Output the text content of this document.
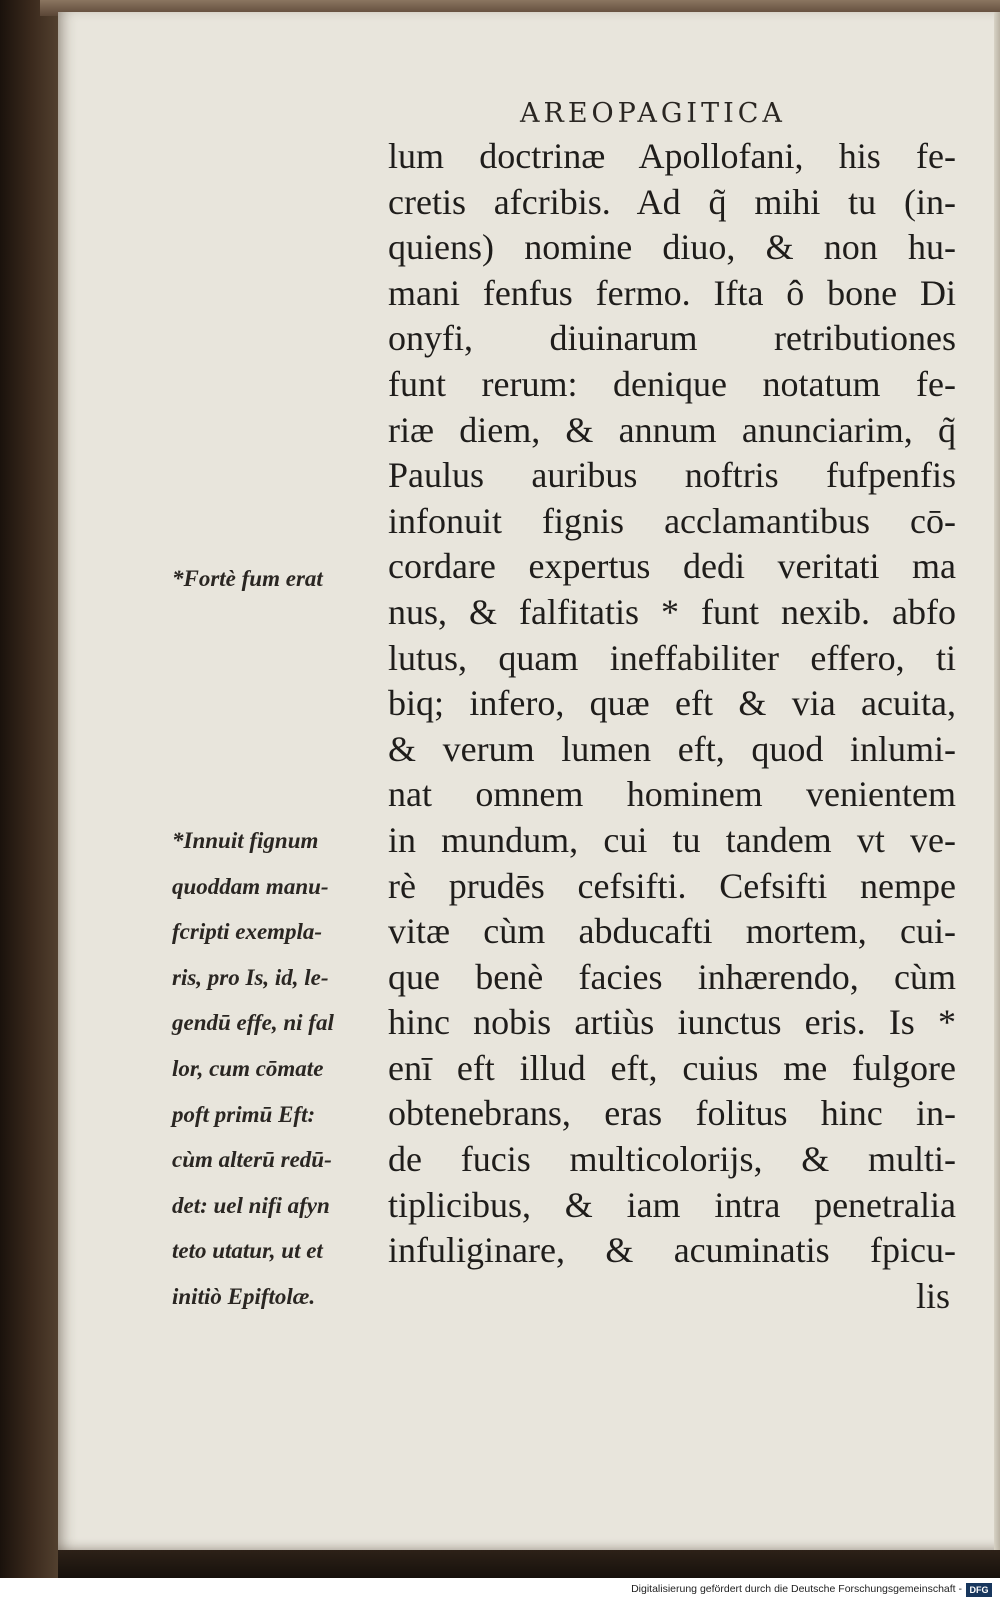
AREOPAGITICA
lum doctrinæ Apollofani, his fe-
cretis afcribis. Ad q̃ mihi tu (in-
quiens) nomine diuo, & non hu-
mani fenfus fermo. Ifta ô bone Di
onyfi, diuinarum retributiones
funt rerum: denique notatum fe-
riæ diem, & annum anunciarim, q̃
Paulus auribus noftris fufpenfis
infonuit fignis acclamantibus cō-
cordare expertus dedi veritati ma
nus, & falfitatis * funt nexib. abfo
lutus, quam ineffabiliter effero, ti
biq; infero, quæ eft & via acuita,
& verum lumen eft, quod inlumi-
nat omnem hominem venientem
in mundum, cui tu tandem vt ve-
rè prudēs cefsifti. Cefsifti nempe
vitæ cùm abducafti mortem, cui-
que benè facies inhærendo, cùm
hinc nobis artiùs iunctus eris. Is *
enī eft illud eft, cuius me fulgore
obtenebrans, eras folitus hinc in-
de fucis multicolorijs, & multi-
tiplicibus, & iam intra penetralia
infuliginare, & acuminatis fpicu-
lis
*Fortè fum erat
*Innuit fignum
quoddam manu-
fcripti exempla-
ris, pro Is, id, le-
gendū effe, ni fal
lor, cum cōmate
poft primū Eft:
cùm alterū redū-
det: uel nifi afyn
teto utatur, ut et
initiò Epiftolæ.
Digitalisierung gefördert durch die Deutsche Forschungsgemeinschaft - DFG
